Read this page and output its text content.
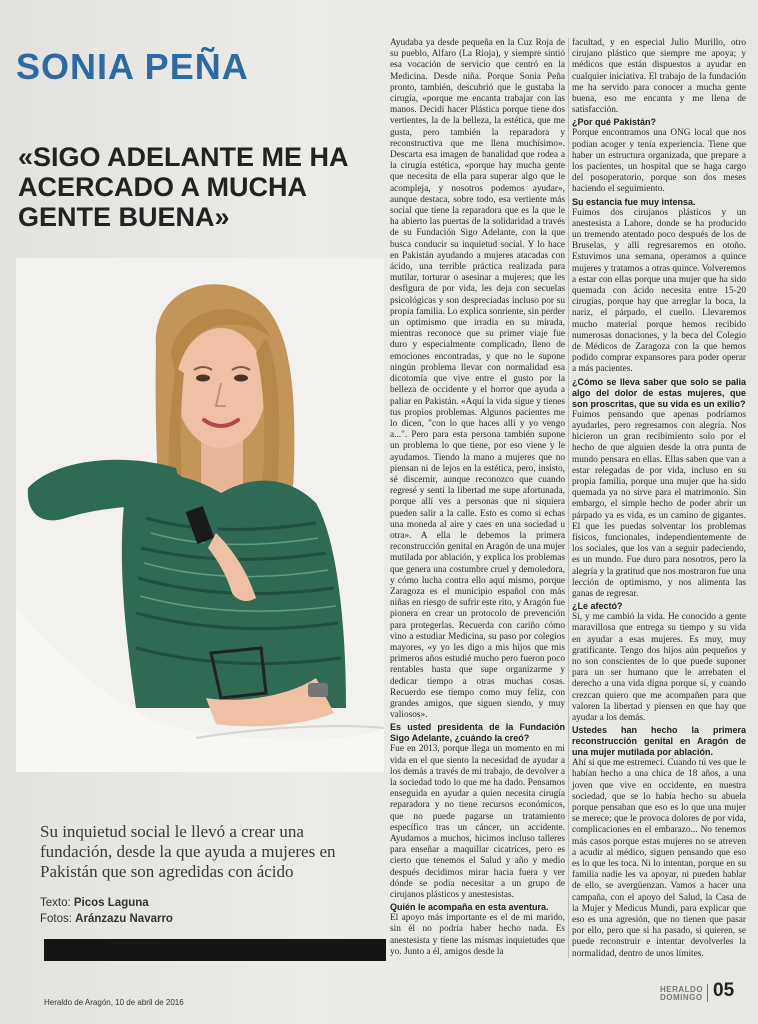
SONIA PEÑA
«SIGO ADELANTE ME HA ACERCADO A MUCHA GENTE BUENA»

Su inquietud social le llevó a crear una fundación, desde la que ayuda a mujeres en Pakistán que son agredidas con ácido

Texto: Picos Laguna
Fotos: Aránzazu Navarro

Ayudaba ya desde pequeña en la Cuz Roja de su pueblo, Alfaro (La Rioja), y siempre sintió esa vocación de servicio que centró en la Medicina. Desde niña. Porque Sonia Peña pronto, también, descubrió que le gustaba la cirugía, «porque me encanta trabajar con las manos. Decidí hacer Plástica porque tiene dos vertientes, la de la belleza, la estética, que me gusta, pero también la reparadora y reconstructiva que me llena muchísimo». Descarta esa imagen de banalidad que rodea a la cirugía estética, «porque hay mucha gente que necesita de ella para superar algo que le acompleja, y nosotros podemos ayudar», aunque destaca, sobre todo, esa vertiente más social que tiene la reparadora que es la que le ha abierto las puertas de la solidaridad a través de su Fundación Sigo Adelante, con la que busca conducir su inquietud social. Y lo hace en Pakistán ayudando a mujeres atacadas con ácido, una terrible práctica realizada para mutilar, torturar o asesinar a mujeres; que les desfigura de por vida, les deja con secuelas psicológicas y son despreciadas incluso por su propia familia. Lo explica sonriente, sin perder un optimismo que irradia en su mirada, mientras reconoce que su primer viaje fue duro y especialmente complicado, lleno de emociones encontradas, y que no le supone ningún problema llevar con normalidad esa dicotomía que vive entre el gusto por la belleza de occidente y el horror que ayuda a paliar en Pakistán. «Aquí la vida sigue y tienes tus propios problemas. Algunos pacientes me lo dicen, "con lo que haces allí y yo vengo a...". Pero para esta persona también supone un problema lo que tiene, por eso viene y le ayudamos. Tiendo la mano a mujeres que no piensan ni de lejos en la estética, pero, insisto, sé discernir, aunque reconozco que cuando regresé y sentí la libertad me supe afortunada, porque allí ves a personas que ni siquiera pueden salir a la calle. Esto es como si echas una moneda al aire y caes en una sociedad u otra». A ella le debemos la primera reconstrucción genital en Aragón de una mujer mutilada por ablación, y explica los problemas que genera una costumbre cruel y demoledora, y cómo lucha contra ello aquí mismo, porque Zaragoza es el municipio español con más niñas en riesgo de sufrir este rito, y Aragón fue pionera en crear un protocolo de prevención para protegerlas. Recuerda con cariño cómo vino a estudiar Medicina, su paso por colegios mayores, «y yo les digo a mis hijos que mis primeros años estudié mucho pero fueron poco rentables hasta que supe organizarme y dedicar tiempo a otras muchas cosas. Recuerdo ese tiempo como muy feliz, con grandes amigos, que siguen siendo, y muy valiosos».

Es usted presidenta de la Fundación Sigo Adelante, ¿cuándo la creó?

Fue en 2013, porque llega un momento en mi vida en el que siento la necesidad de ayudar a los demás a través de mi trabajo, de devolver a la sociedad todo lo que me ha dado. Pensamos enseguida en ayudar a quien necesita cirugía reparadora y no tiene recursos económicos, que no puede pagarse un tratamiento específico tras un cáncer, un accidente. Ayudamos a muchos, hicimos incluso talleres para enseñar a maquillar cicatrices, pero es cierto que tenemos el Salud y año y medio después decidimos mirar hacia fuera y ver dónde se podía necesitar a un grupo de cirujanos plásticos y anestesistas.

Quién le acompaña en esta aventura.

El apoyo más importante es el de mi marido, sin él no podría haber hecho nada. Es anestesista y tiene las mismas inquietudes que yo. Junto a él, amigos desde la

facultad, y en especial Julio Murillo, otro cirujano plástico que siempre me apoya; y médicos que están dispuestos a ayudar en cualquier iniciativa. El trabajo de la fundación me ha servido para conocer a mucha gente buena, eso me encanta y me llena de satisfacción.

¿Por qué Pakistán?

Porque encontramos una ONG local que nos podían acoger y tenía experiencia. Tiene que haber un estructura organizada, que prepare a los pacientes, un hospital que se haga cargo del posoperatorio, porque son dos meses haciendo el seguimiento.

Su estancia fue muy intensa.

Fuimos dos cirujanos plásticos y un anestesista a Lahore, donde se ha producido un tremendo atentado poco después de los de Bruselas, y allí regresaremos en otoño. Estuvimos una semana, operamos a quince mujeres y tratamos a otras quince. Volveremos a estar con ellas porque una mujer que ha sido quemada con ácido necesita entre 15-20 cirugías, porque hay que arreglar la boca, la nariz, el párpado, el cuello. Llevaremos mucho material porque hemos recibido numerosas donaciones, y la beca del Colegio de Médicos de Zaragoza con la que hemos podido comprar expansores para poder operar a más pacientes.

¿Cómo se lleva saber que solo se palia algo del dolor de estas mujeres, que son proscritas, que su vida es un exilio?

Fuimos pensando que apenas podríamos ayudarles, pero regresamos con alegría. Nos hicieron un gran recibimiento solo por el hecho de que alguien desde la otra punta de mundo pensara en ellas. Ellas saben que van a estar relegadas de por vida, incluso en su propia familia, porque una mujer que ha sido quemada ya no sirve para el matrimonio. Sin embargo, el simple hecho de poder abrir un párpado ya es vida, es un camino de gigantes. El que les puedas solventar los problemas físicos, funcionales, independientemente de los sociales, que los van a seguir padeciendo, es un mundo. Fue duro para nosotros, pero la alegría y la gratitud que nos mostraron fue una lección de optimismo, y nos alimenta las ganas de regresar.

¿Le afectó?

Sí, y me cambió la vida. He conocido a gente maravillosa que entrega su tiempo y su vida en ayudar a esas mujeres. Es muy, muy gratificante. Tengo dos hijos aún pequeños y no son conscientes de lo que puede suponer para un ser humano que le arrebaten el derecho a una vida digna porque sí, y cuando crezcan quiero que me acompañen para que valoren la libertad y piensen en que hay que ayudar a los demás.

Ustedes han hecho la primera reconstrucción genital en Aragón de una mujer mutilada por ablación.

Ahí sí que me estremecí. Cuando tú ves que le habían hecho a una chica de 18 años, a una joven que vive en occidente, en nuestra sociedad, que se lo había hecho su abuela porque pensaban que eso es lo que una mujer se merece; que le provoca dolores de por vida, complicaciones en el embarazo... No tenemos más casos porque estas mujeres no se atreven a acudir al médico, siguen pensando que eso es lo que les toca. Ni lo intentan, porque en su familia nadie les va apoyar, ni pueden hablar de ello, se avergüenzan. Vamos a hacer una campaña, con el apoyo del Salud, la Casa de la Mujer y Medicus Mundi, para explicar que eso es una agresión, que no tienen que pasar por ello, pero que si ha pasado, si quieren, se puede reconstruir e intentar devolverles la normalidad, dentro de unos límites.

Heraldo de Aragón, 10 de abril de 2016
HERALDO
DOMINGO 05
